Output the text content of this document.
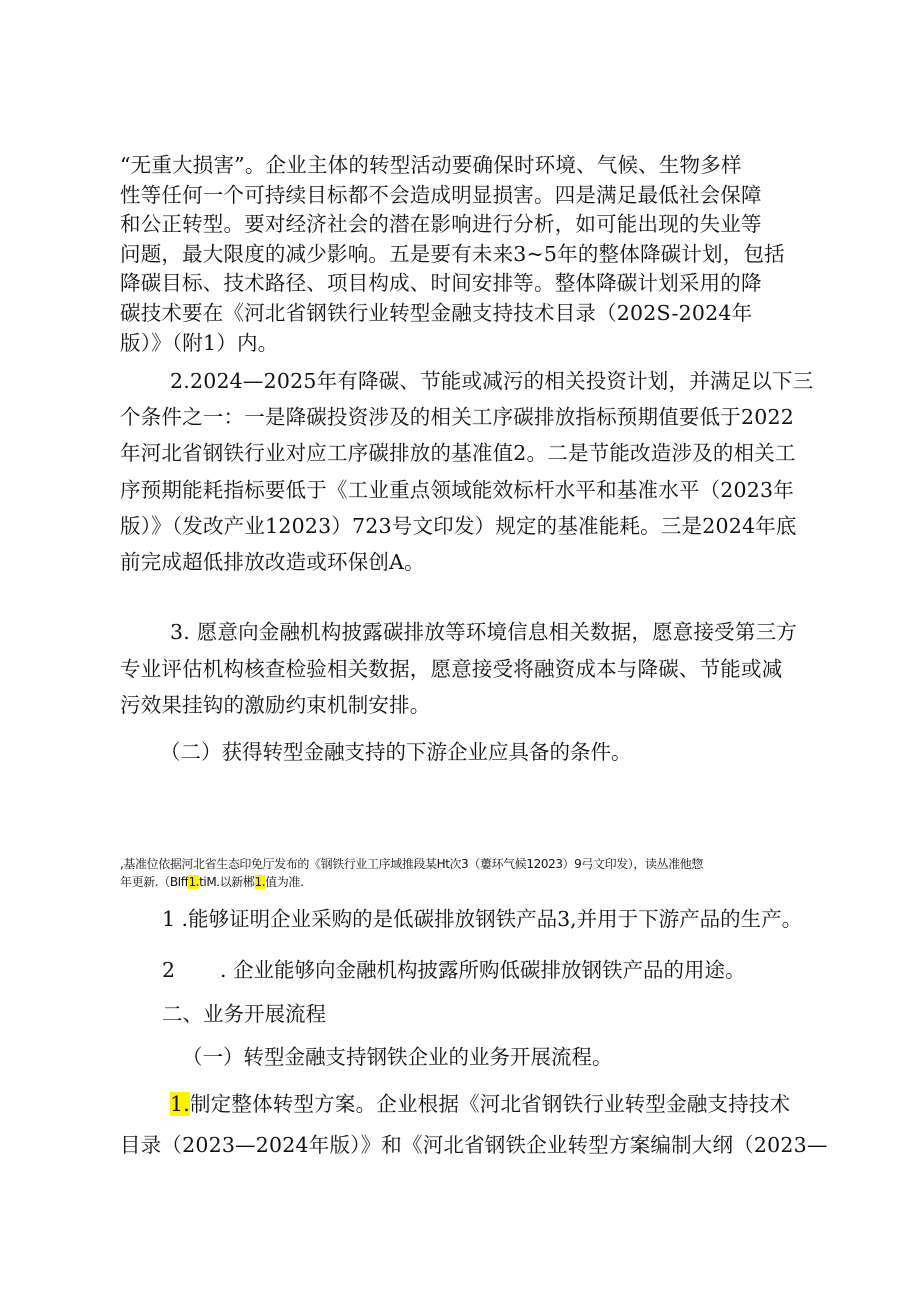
“无重大损害”。企业主体的转型活动要确保时环境、气候、生物多样
性等任何一个可持续目标都不会造成明显损害。四是满足最低社会保障
和公正转型。要对经济社会的潜在影响进行分析，如可能出现的失业等
问题，最大限度的减少影响。五是要有未来3~5年的整体降碳计划，包括
降碳目标、技术路径、项目构成、时间安排等。整体降碳计划采用的降
碳技术要在《河北省钢铁行业转型金融支持技术目录（202S-2024年
版）》（附1）内。
2.2024—2025年有降碳、节能或减污的相关投资计划，并满足以下三
个条件之一：一是降碳投资涉及的相关工序碳排放指标预期值要低于2022
年河北省钢铁行业对应工序碳排放的基准值2。二是节能改造涉及的相关工
序预期能耗指标要低于《工业重点领域能效标杆水平和基准水平（2023年
版）》（发改产业12023）723号文印发）规定的基准能耗。三是2024年底
前完成超低排放改造或环保创A。
3. 愿意向金融机构披露碳排放等环境信息相关数据，愿意接受第三方
专业评估机构核查检验相关数据，愿意接受将融资成本与降碳、节能或减
污效果挂钩的激励约束机制安排。
（二）获得转型金融支持的下游企业应具备的条件。
,基准位依据河北省生态印免厅发布的《钢铁行业工序域推段某Ht次3（蔞环气候12023）9弓文印发），读丛准他惣
年更新.（BIff1.tiM.以新郴1.值为准.
1 .能够证明企业采购的是低碳排放钢铁产品3,并用于下游产品的生产。
2 . 企业能够向金融机构披露所购低碳排放钢铁产品的用途。
二、业务开展流程
（一）转型金融支持钢铁企业的业务开展流程。
1.制定整体转型方案。企业根据《河北省钢铁行业转型金融支持技术
目录（2023—2024年版）》和《河北省钢铁企业转型方案编制大纲（2023—
